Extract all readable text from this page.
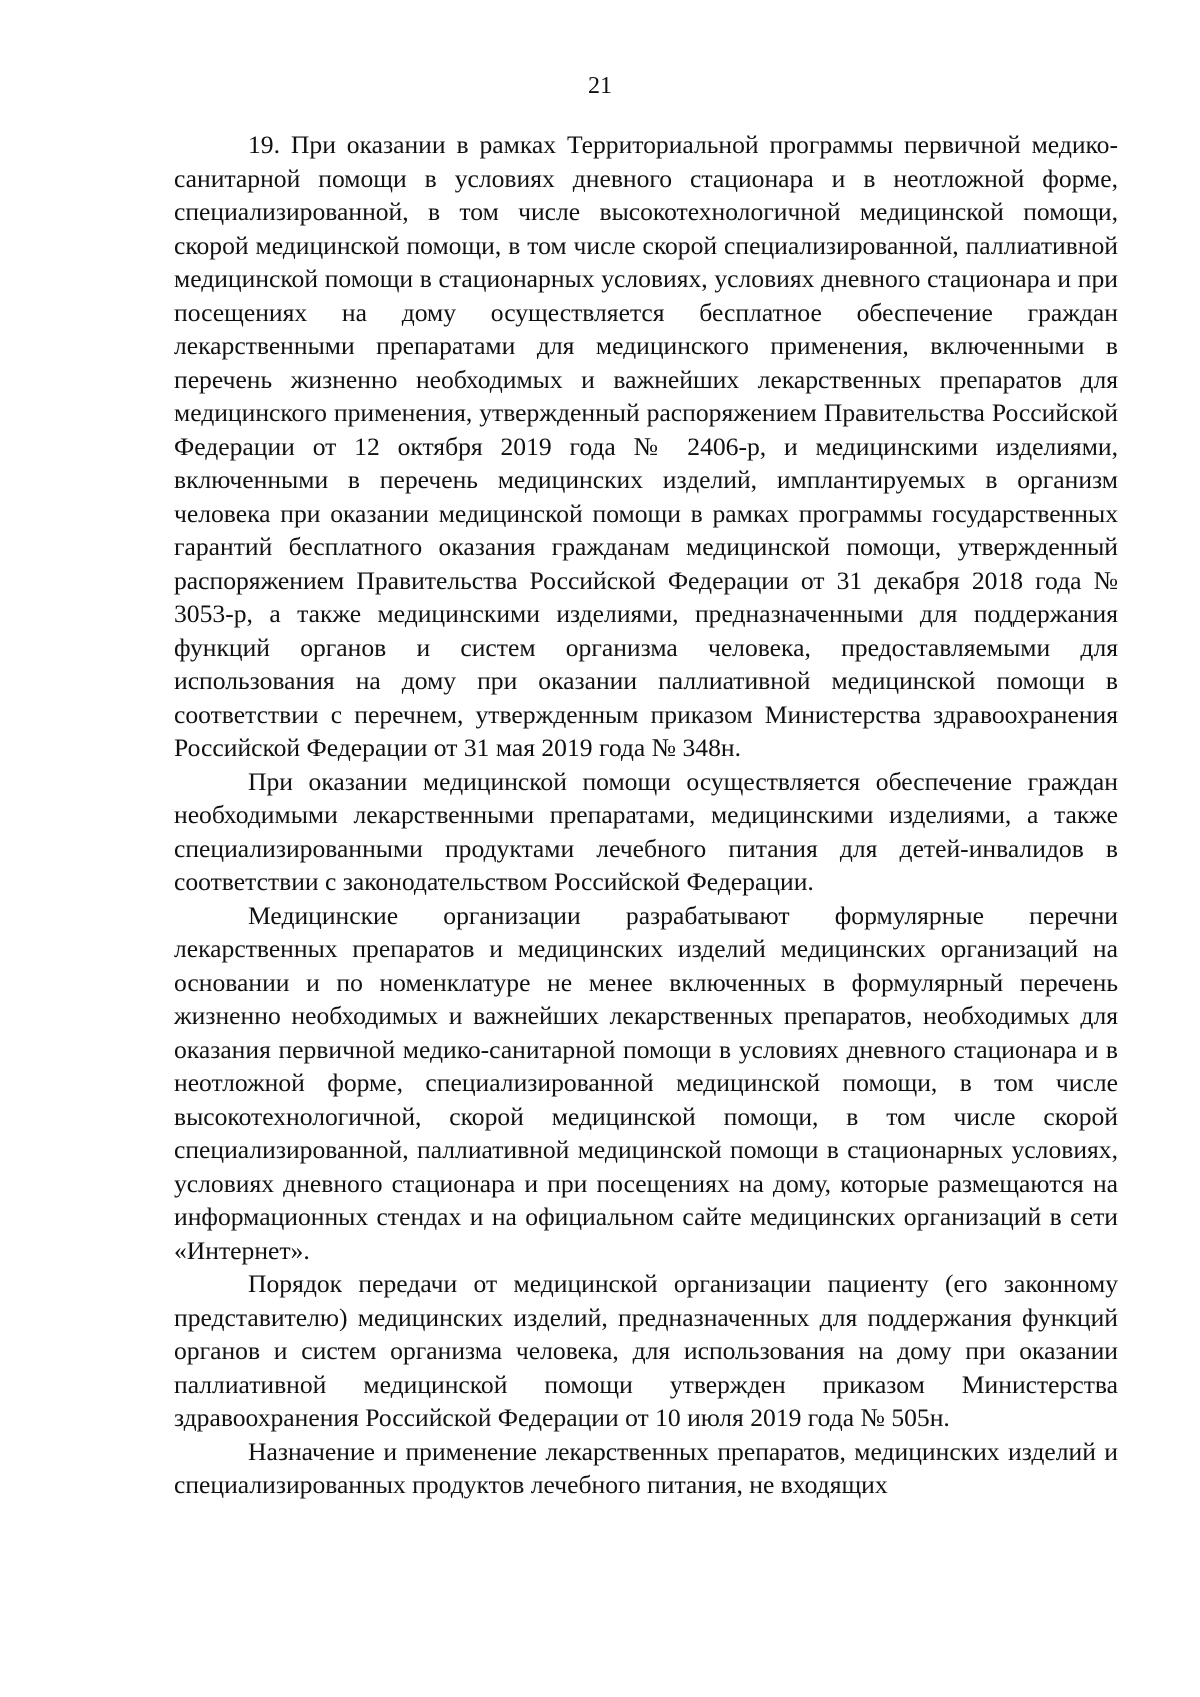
21

19. При оказании в рамках Территориальной программы первичной медико-санитарной помощи в условиях дневного стационара и в неотложной форме, специализированной, в том числе высокотехнологичной медицинской помощи, скорой медицинской помощи, в том числе скорой специализированной, паллиативной медицинской помощи в стационарных условиях, условиях дневного стационара и при посещениях на дому осуществляется бесплатное обеспечение граждан лекарственными препаратами для медицинского применения, включенными в перечень жизненно необходимых и важнейших лекарственных препаратов для медицинского применения, утвержденный распоряжением Правительства Российской Федерации от 12 октября 2019 года № 2406-р, и медицинскими изделиями, включенными в перечень медицинских изделий, имплантируемых в организм человека при оказании медицинской помощи в рамках программы государственных гарантий бесплатного оказания гражданам медицинской помощи, утвержденный распоряжением Правительства Российской Федерации от 31 декабря 2018 года № 3053-р, а также медицинскими изделиями, предназначенными для поддержания функций органов и систем организма человека, предоставляемыми для использования на дому при оказании паллиативной медицинской помощи в соответствии с перечнем, утвержденным приказом Министерства здравоохранения Российской Федерации от 31 мая 2019 года № 348н.

При оказании медицинской помощи осуществляется обеспечение граждан необходимыми лекарственными препаратами, медицинскими изделиями, а также специализированными продуктами лечебного питания для детей-инвалидов в соответствии с законодательством Российской Федерации.

Медицинские организации разрабатывают формулярные перечни лекарственных препаратов и медицинских изделий медицинских организаций на основании и по номенклатуре не менее включенных в формулярный перечень жизненно необходимых и важнейших лекарственных препаратов, необходимых для оказания первичной медико-санитарной помощи в условиях дневного стационара и в неотложной форме, специализированной медицинской помощи, в том числе высокотехнологичной, скорой медицинской помощи, в том числе скорой специализированной, паллиативной медицинской помощи в стационарных условиях, условиях дневного стационара и при посещениях на дому, которые размещаются на информационных стендах и на официальном сайте медицинских организаций в сети «Интернет».

Порядок передачи от медицинской организации пациенту (его законному представителю) медицинских изделий, предназначенных для поддержания функций органов и систем организма человека, для использования на дому при оказании паллиативной медицинской помощи утвержден приказом Министерства здравоохранения Российской Федерации от 10 июля 2019 года № 505н.

Назначение и применение лекарственных препаратов, медицинских изделий и специализированных продуктов лечебного питания, не входящих
